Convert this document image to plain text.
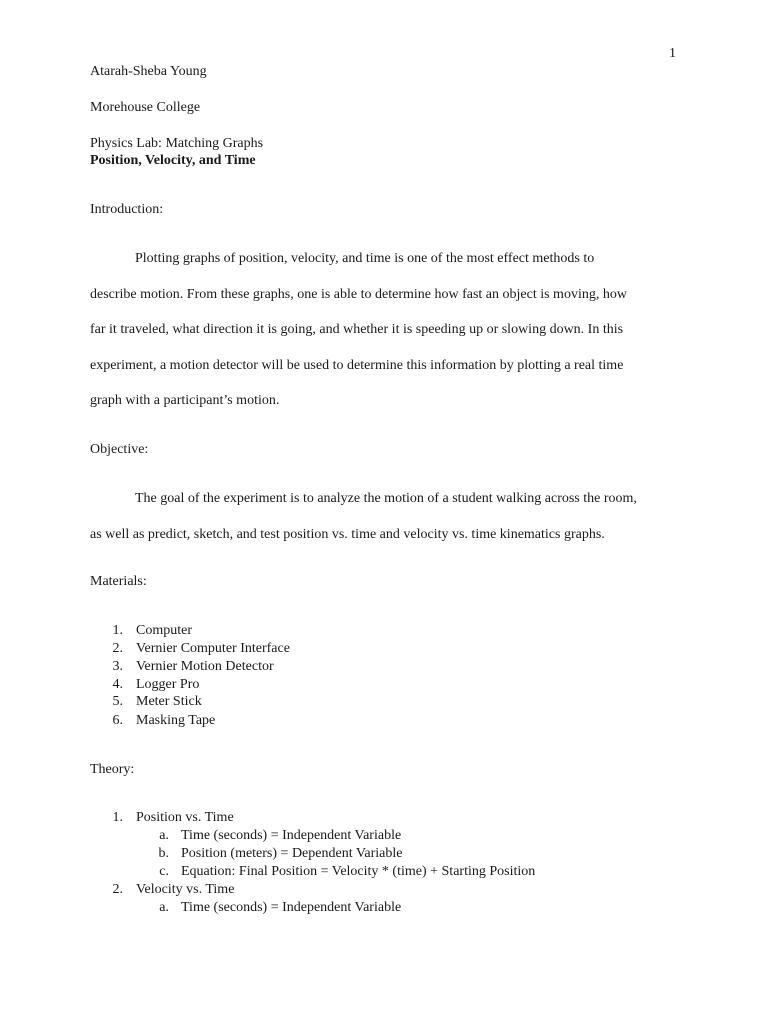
1
Atarah-Sheba Young
Morehouse College
Physics Lab: Matching Graphs
Position, Velocity, and Time
Introduction:
Plotting graphs of position, velocity, and time is one of the most effect methods to
describe motion. From these graphs, one is able to determine how fast an object is moving, how
far it traveled, what direction it is going, and whether it is speeding up or slowing down. In this
experiment, a motion detector will be used to determine this information by plotting a real time
graph with a participant’s motion.
Objective:
The goal of the experiment is to analyze the motion of a student walking across the room,
as well as predict, sketch, and test position vs. time and velocity vs. time kinematics graphs.
Materials:
1. Computer
2. Vernier Computer Interface
3. Vernier Motion Detector
4. Logger Pro
5. Meter Stick
6. Masking Tape
Theory:
1. Position vs. Time
a. Time (seconds) = Independent Variable
b. Position (meters) = Dependent Variable
c. Equation: Final Position = Velocity * (time) + Starting Position
2. Velocity vs. Time
a. Time (seconds) = Independent Variable
